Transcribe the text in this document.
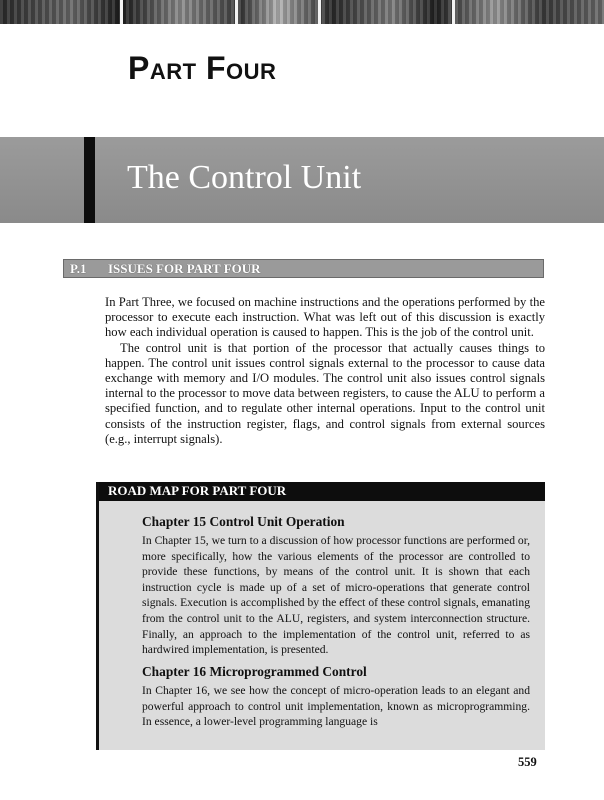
Part Four
The Control Unit
P.1 ISSUES FOR PART FOUR

In Part Three, we focused on machine instructions and the operations performed by the processor to execute each instruction. What was left out of this discussion is exactly how each individual operation is caused to happen. This is the job of the control unit.

The control unit is that portion of the processor that actually causes things to happen. The control unit issues control signals external to the processor to cause data exchange with memory and I/O modules. The control unit also issues control signals internal to the processor to move data between registers, to cause the ALU to perform a specified function, and to regulate other internal operations. Input to the control unit consists of the instruction register, flags, and control signals from external sources (e.g., interrupt signals).

ROAD MAP FOR PART FOUR
Chapter 15 Control Unit Operation

In Chapter 15, we turn to a discussion of how processor functions are performed or, more specifically, how the various elements of the processor are controlled to provide these functions, by means of the control unit. It is shown that each instruction cycle is made up of a set of micro-operations that generate control signals. Execution is accomplished by the effect of these control signals, emanating from the control unit to the ALU, registers, and system interconnection structure. Finally, an approach to the implementation of the control unit, referred to as hardwired implementation, is presented.

Chapter 16 Microprogrammed Control

In Chapter 16, we see how the concept of micro-operation leads to an elegant and powerful approach to control unit implementation, known as microprogramming. In essence, a lower-level programming language is

559
